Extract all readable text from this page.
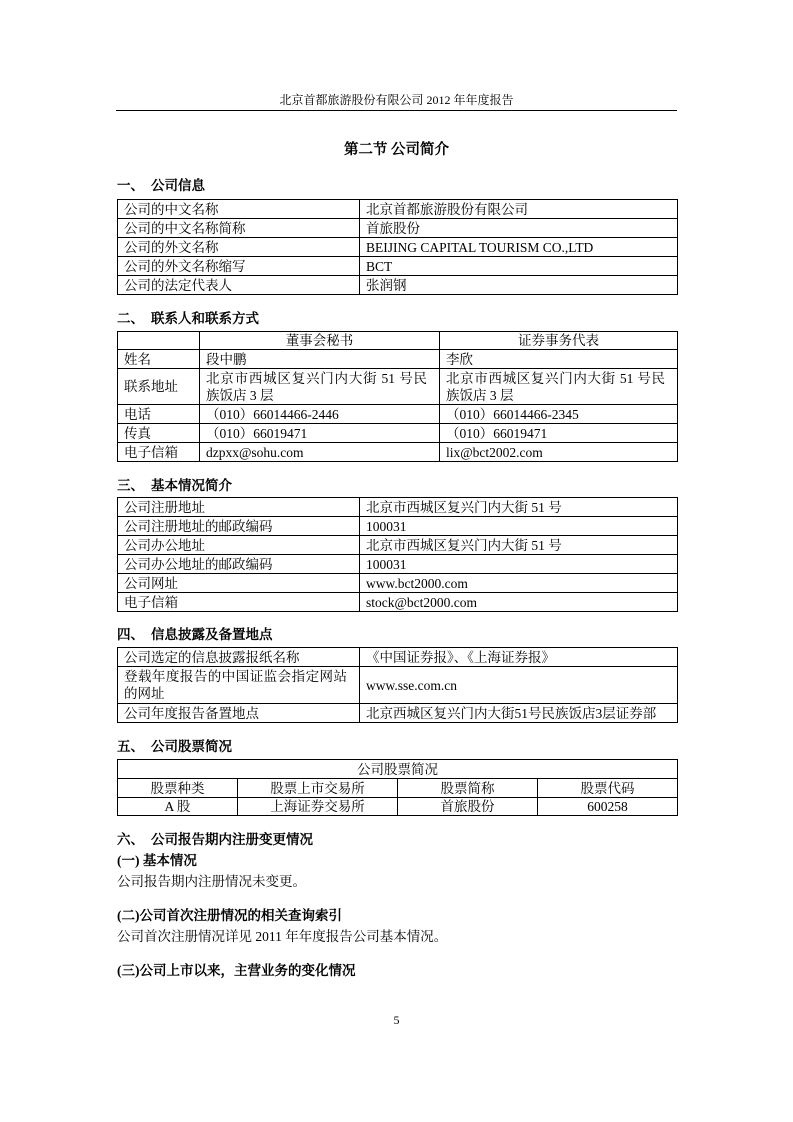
北京首都旅游股份有限公司 2012 年年度报告
第二节 公司简介
一、 公司信息
公司的中文名称	北京首都旅游股份有限公司
公司的中文名称简称	首旅股份
公司的外文名称	BEIJING CAPITAL TOURISM CO.,LTD
公司的外文名称缩写	BCT
公司的法定代表人	张润钢
二、 联系人和联系方式
	董事会秘书	证券事务代表
姓名	段中鹏	李欣
联系地址	北京市西城区复兴门内大街 51 号民族饭店 3 层	北京市西城区复兴门内大街 51 号民族饭店 3 层
电话	（010）66014466-2446	（010）66014466-2345
传真	（010）66019471	（010）66019471
电子信箱	dzpxx@sohu.com	lix@bct2002.com
三、 基本情况简介
公司注册地址	北京市西城区复兴门内大街 51 号
公司注册地址的邮政编码	100031
公司办公地址	北京市西城区复兴门内大街 51 号
公司办公地址的邮政编码	100031
公司网址	www.bct2000.com
电子信箱	stock@bct2000.com
四、 信息披露及备置地点
公司选定的信息披露报纸名称	《中国证券报》、《上海证券报》
登载年度报告的中国证监会指定网站的网址	www.sse.com.cn
公司年度报告备置地点	北京西城区复兴门内大街51号民族饭店3层证券部
五、 公司股票简况
公司股票简况			
股票种类	股票上市交易所	股票简称	股票代码
A 股	上海证券交易所	首旅股份	600258
六、 公司报告期内注册变更情况
(一) 基本情况
公司报告期内注册情况未变更。
(二)公司首次注册情况的相关查询索引
公司首次注册情况详见 2011 年年度报告公司基本情况。
(三)公司上市以来，主营业务的变化情况
5
